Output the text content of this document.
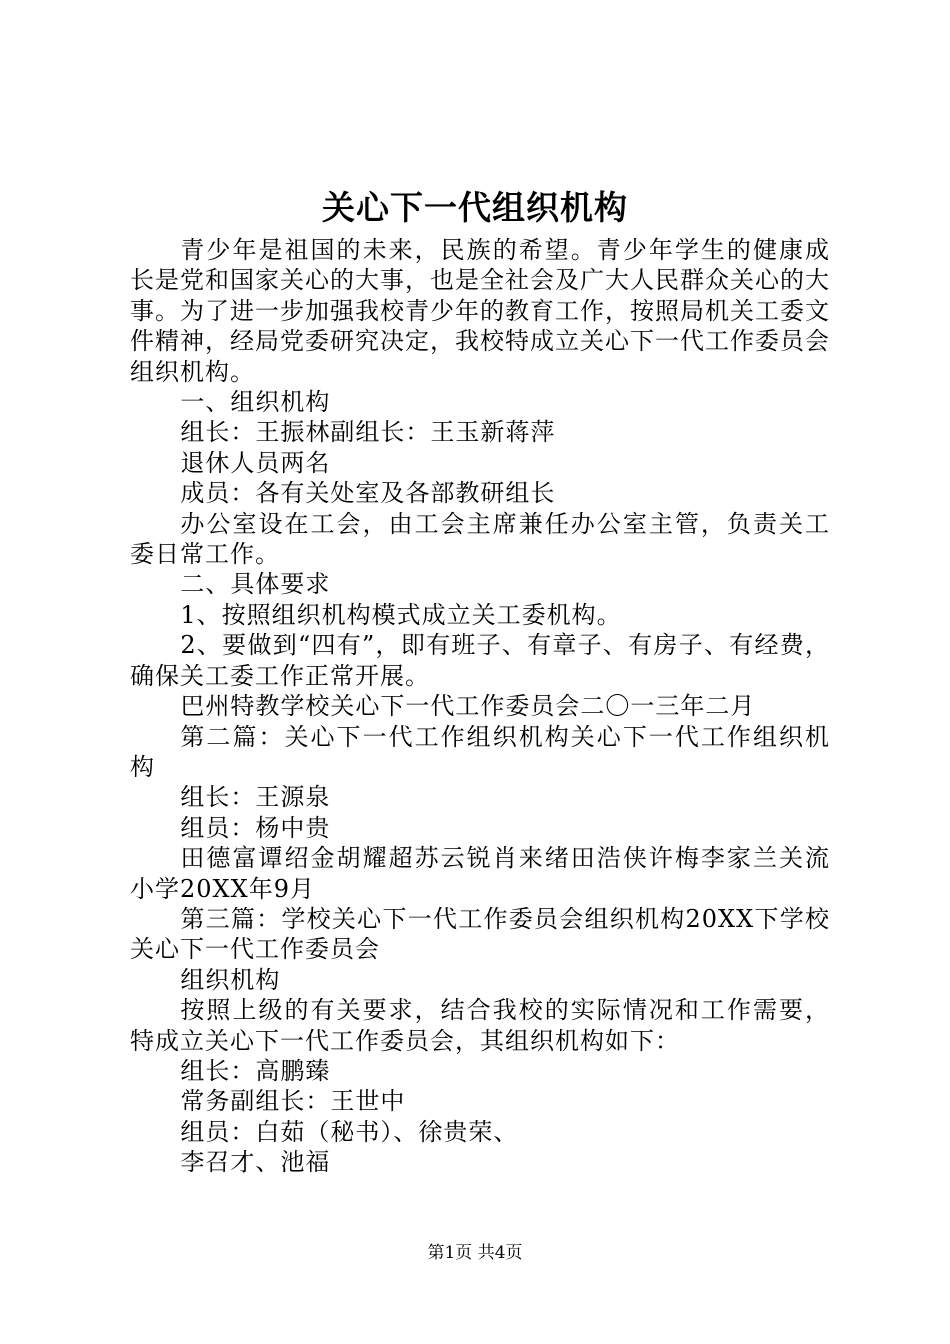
关心下一代组织机构

青少年是祖国的未来，民族的希望。青少年学生的健康成长是党和国家关心的大事，也是全社会及广大人民群众关心的大事。为了进一步加强我校青少年的教育工作，按照局机关工委文件精神，经局党委研究决定，我校特成立关心下一代工作委员会组织机构。

一、组织机构

组长：王振林副组长：王玉新蒋萍

退休人员两名

成员：各有关处室及各部教研组长

办公室设在工会，由工会主席兼任办公室主管，负责关工委日常工作。

二、具体要求

1、按照组织机构模式成立关工委机构。

2、要做到“四有”，即有班子、有章子、有房子、有经费，确保关工委工作正常开展。

巴州特教学校关心下一代工作委员会二〇一三年二月

第二篇：关心下一代工作组织机构关心下一代工作组织机构

组长：王源泉

组员：杨中贵

田德富谭绍金胡耀超苏云锐肖来绪田浩侠许梅李家兰关流小学20XX年9月

第三篇：学校关心下一代工作委员会组织机构20XX下学校关心下一代工作委员会

组织机构

按照上级的有关要求，结合我校的实际情况和工作需要，特成立关心下一代工作委员会，其组织机构如下：

组长：高鹏臻

常务副组长：王世中

组员：白茹（秘书）、徐贵荣、

李召才、池福

第1页 共4页
